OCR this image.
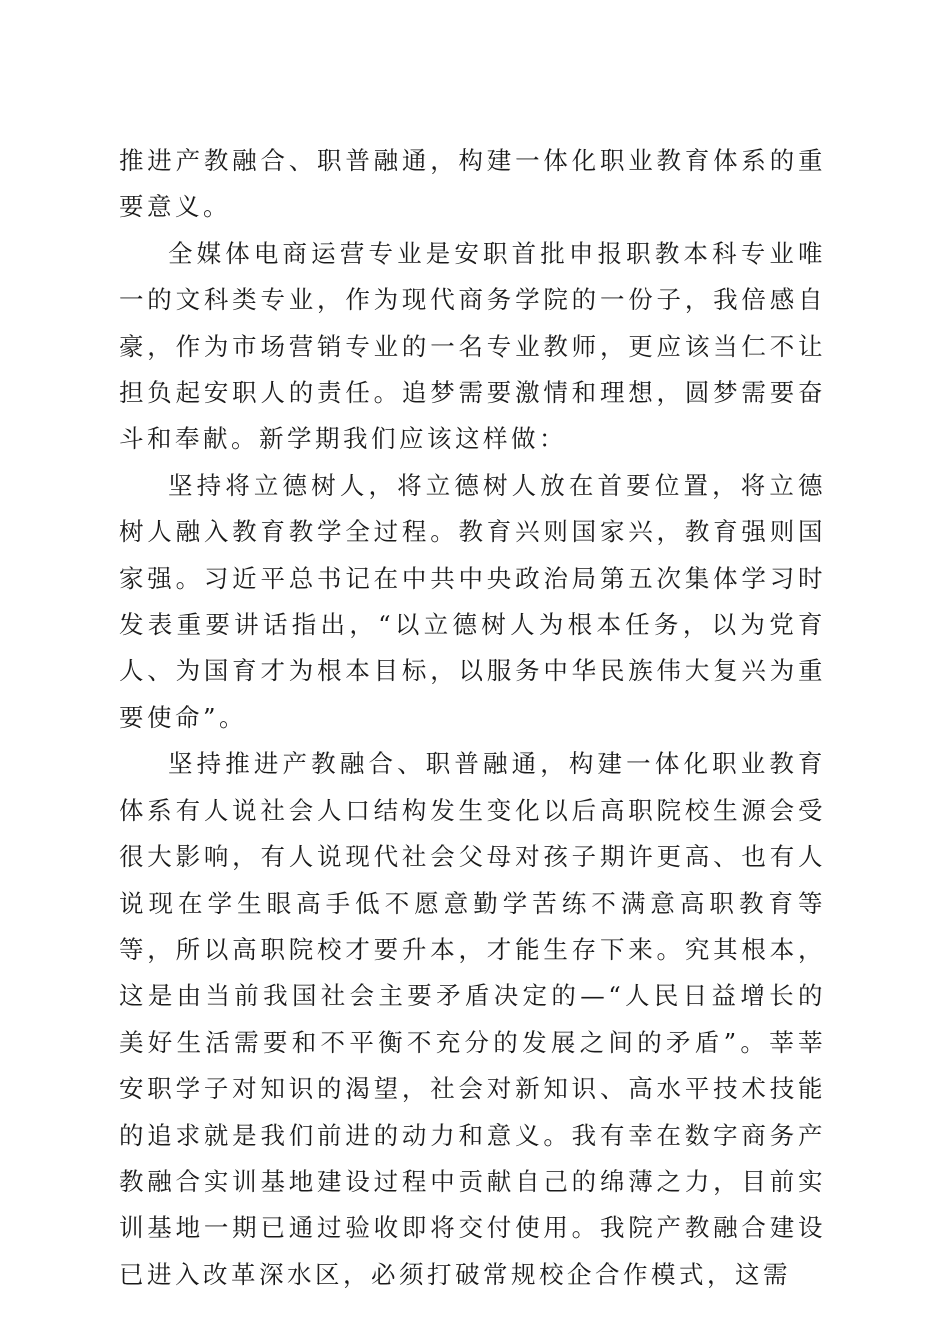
推进产教融合、职普融通，构建一体化职业教育体系的重要意义。

全媒体电商运营专业是安职首批申报职教本科专业唯一的文科类专业，作为现代商务学院的一份子，我倍感自豪，作为市场营销专业的一名专业教师，更应该当仁不让担负起安职人的责任。追梦需要激情和理想，圆梦需要奋斗和奉献。新学期我们应该这样做：

坚持将立德树人，将立德树人放在首要位置，将立德树人融入教育教学全过程。教育兴则国家兴，教育强则国家强。习近平总书记在中共中央政治局第五次集体学习时发表重要讲话指出，“以立德树人为根本任务，以为党育人、为国育才为根本目标，以服务中华民族伟大复兴为重要使命”。

坚持推进产教融合、职普融通，构建一体化职业教育体系有人说社会人口结构发生变化以后高职院校生源会受很大影响，有人说现代社会父母对孩子期许更高、也有人说现在学生眼高手低不愿意勤学苦练不满意高职教育等等，所以高职院校才要升本，才能生存下来。究其根本，这是由当前我国社会主要矛盾决定的—“人民日益增长的美好生活需要和不平衡不充分的发展之间的矛盾”。莘莘安职学子对知识的渴望，社会对新知识、高水平技术技能的追求就是我们前进的动力和意义。我有幸在数字商务产教融合实训基地建设过程中贡献自己的绵薄之力，目前实训基地一期已通过验收即将交付使用。我院产教融合建设已进入改革深水区，必须打破常规校企合作模式，这需
